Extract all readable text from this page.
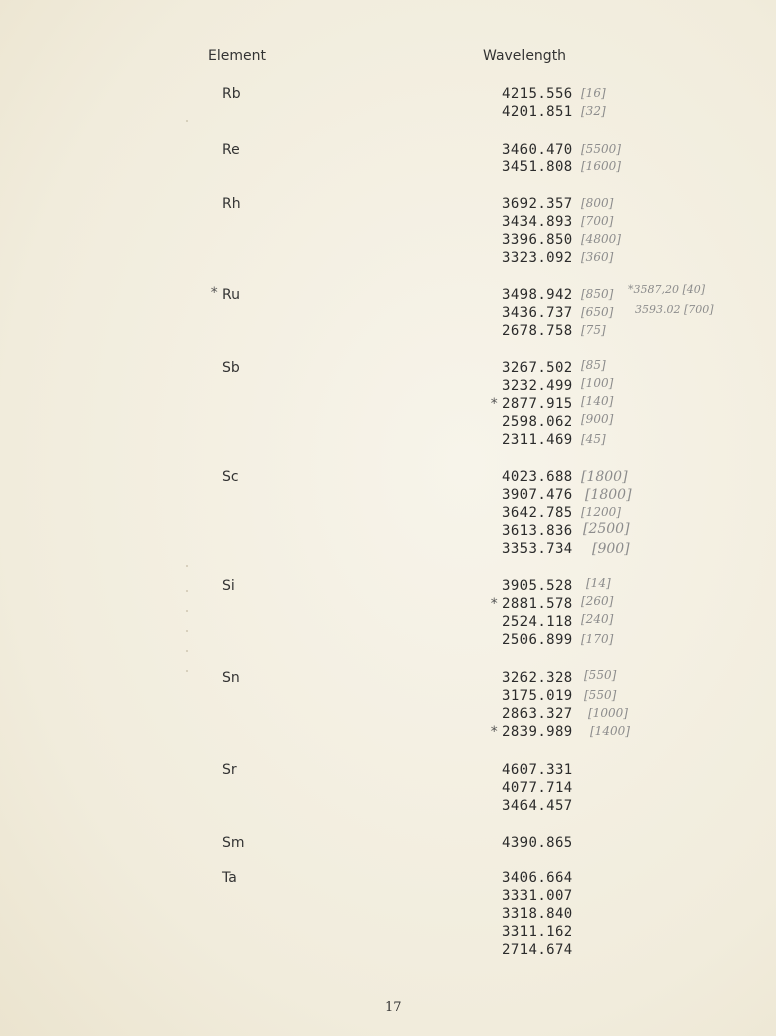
Element	Wavelength
Rb
Re
Rh
* Ru
Sb
Sc
Si
Sn
Sr
Sm
Ta
4215.556
4201.851
3460.470
3451.808
3692.357
3434.893
3396.850
3323.092
3498.942
3436.737
2678.758
3267.502
3232.499
* 2877.915
2598.062
2311.469
4023.688
3907.476
3642.785
3613.836
3353.734
3905.528
* 2881.578
2524.118
2506.899
3262.328
3175.019
2863.327
* 2839.989
4607.331
4077.714
3464.457
4390.865
3406.664
3331.007
3318.840
3311.162
2714.674
[16]
[32]
[5500]
[1600]
[800]
[700]
[4800]
[360]
[850] *3587,20 [40]
[650] 3593.02 [700]
[75]
[85]
[100]
[140]
[900]
[45]
[1800]
[1800]
[1200]
[2500]
[900]
[14]
[260]
[240]
[170]
[550]
[550]
[1000]
[1400]
17
